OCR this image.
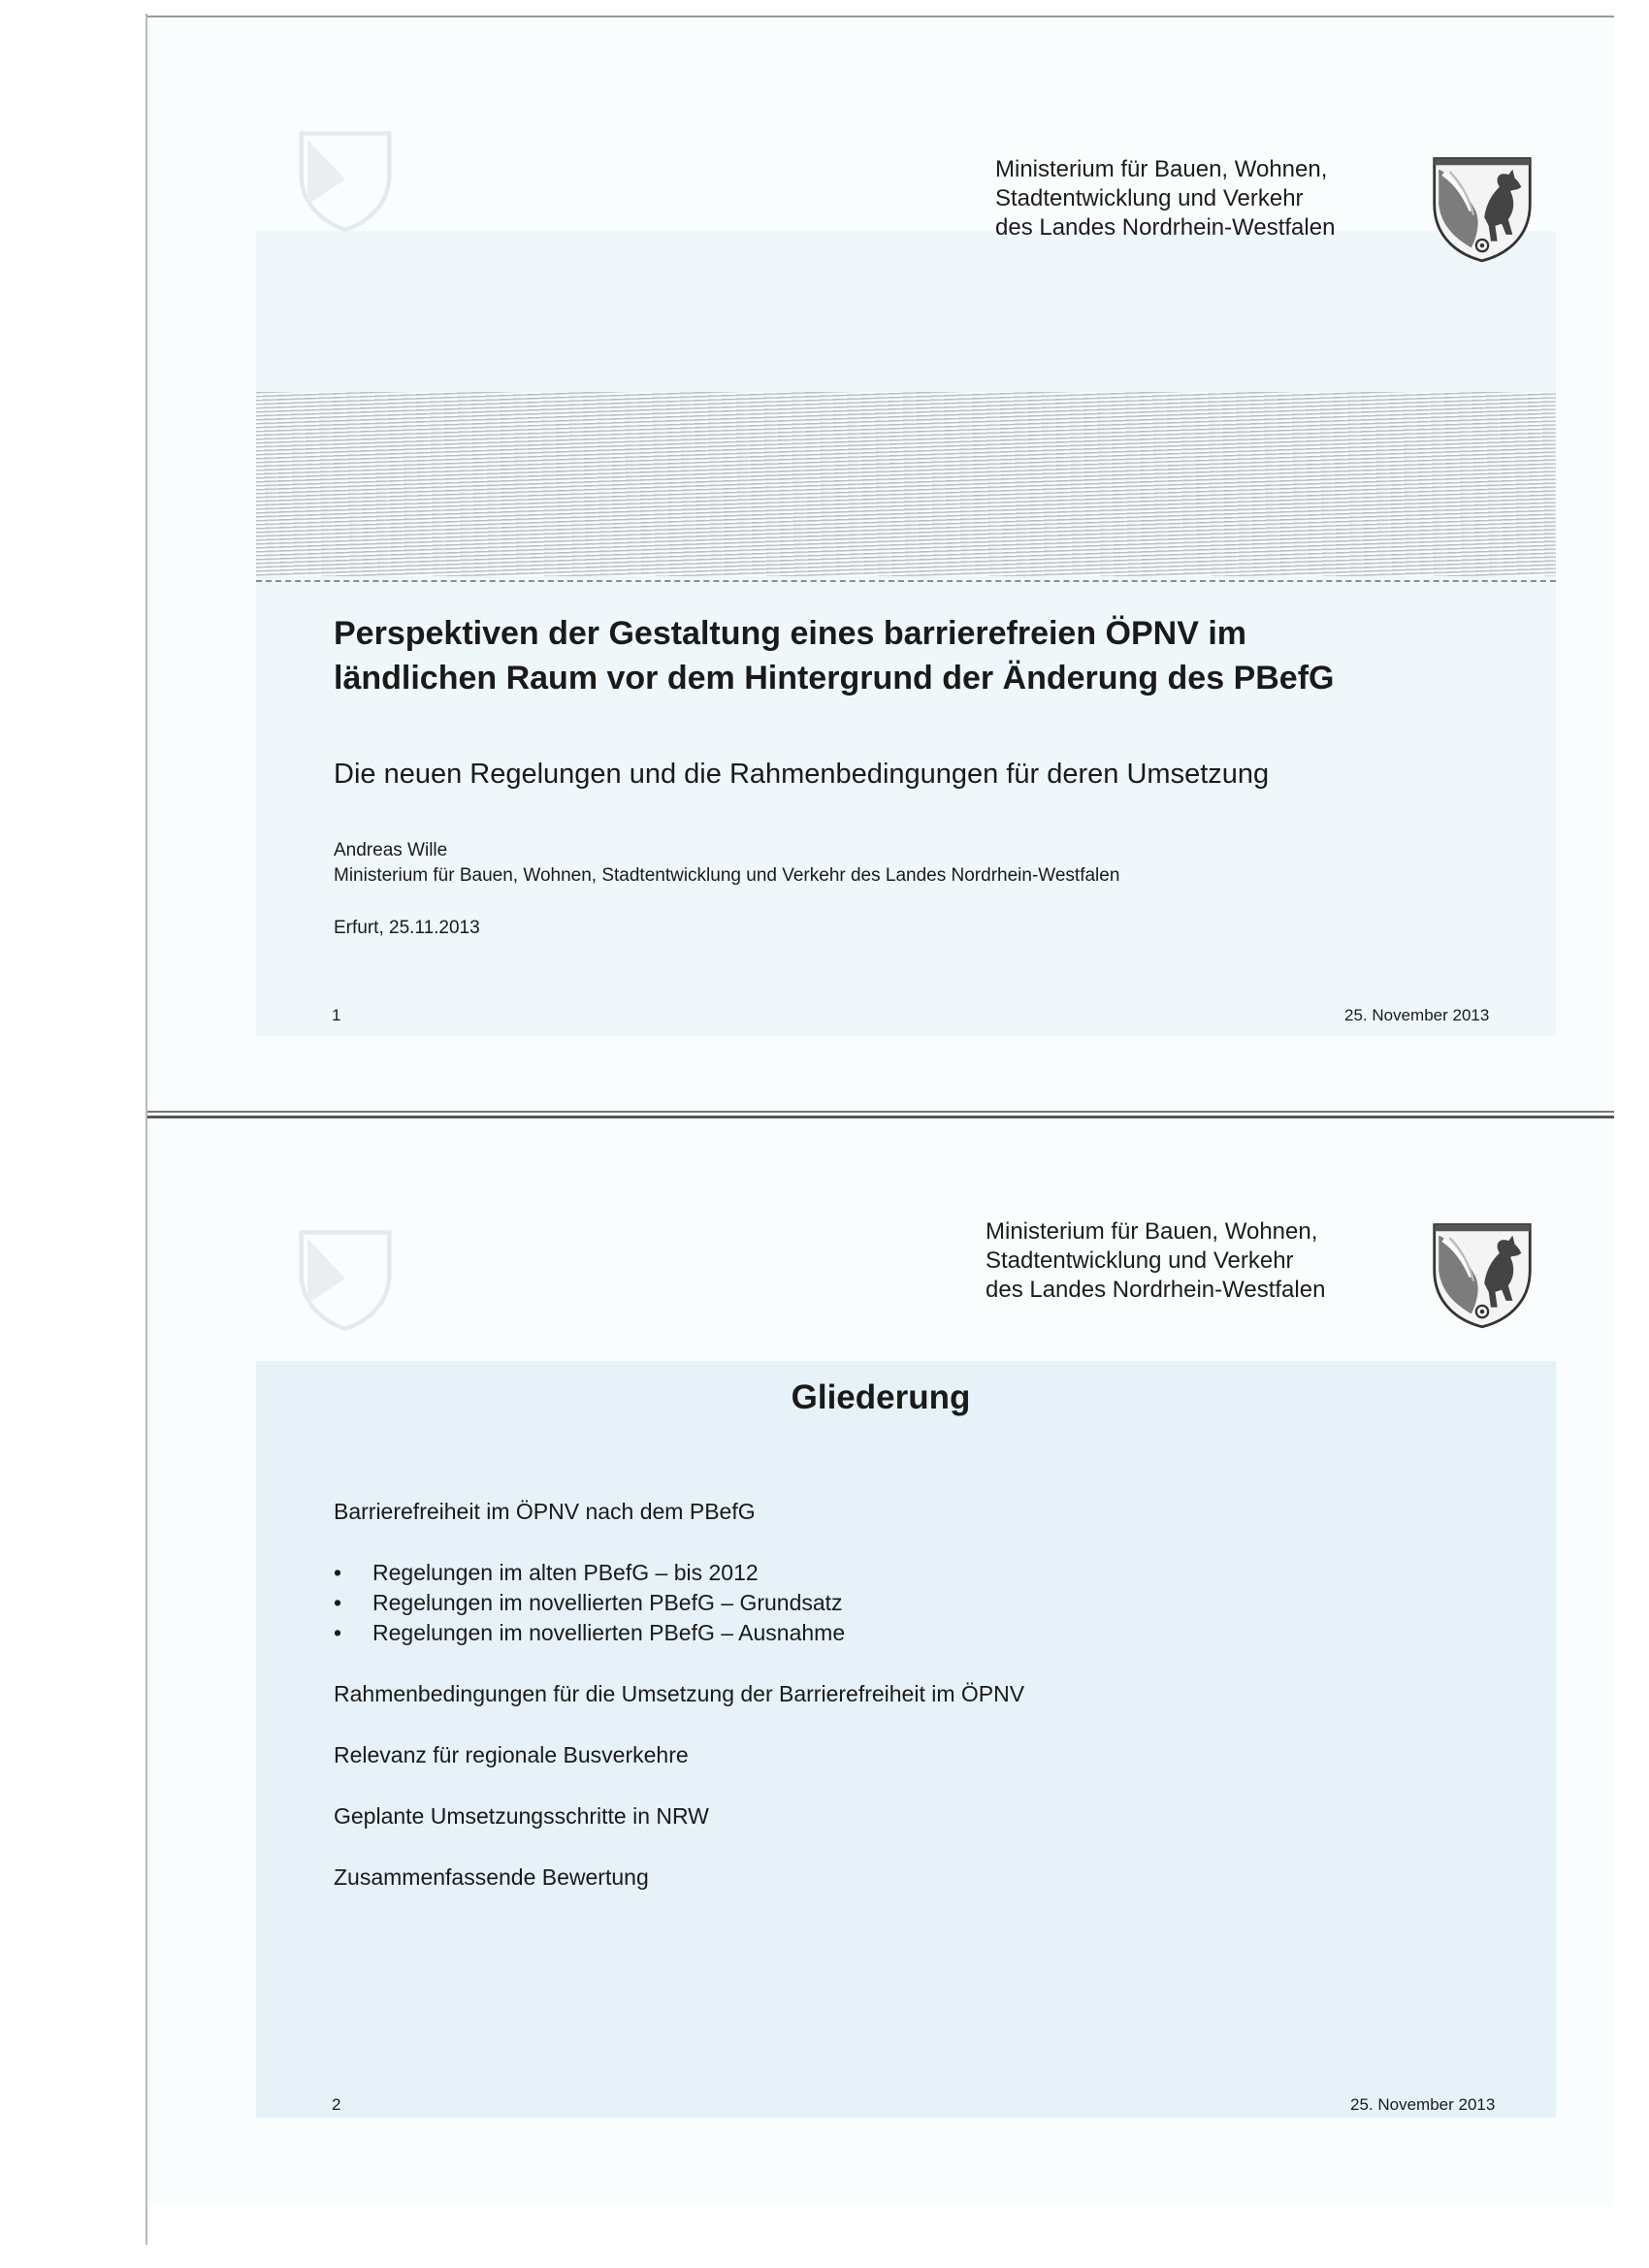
Ministerium für Bauen, Wohnen,
Stadtentwicklung und Verkehr
des Landes Nordrhein-Westfalen
Perspektiven der Gestaltung eines barrierefreien ÖPNV im
ländlichen Raum vor dem Hintergrund der Änderung des PBefG
Die neuen Regelungen und die Rahmenbedingungen für deren Umsetzung
Andreas Wille
Ministerium für Bauen, Wohnen, Stadtentwicklung und Verkehr des Landes Nordrhein-Westfalen
Erfurt, 25.11.2013
1	25. November 2013
Ministerium für Bauen, Wohnen,
Stadtentwicklung und Verkehr
des Landes Nordrhein-Westfalen
Gliederung
Barrierefreiheit im ÖPNV nach dem PBefG
•	Regelungen im alten PBefG – bis 2012
•	Regelungen im novellierten PBefG – Grundsatz
•	Regelungen im novellierten PBefG – Ausnahme
Rahmenbedingungen für die Umsetzung der Barrierefreiheit im ÖPNV
Relevanz für regionale Busverkehre
Geplante Umsetzungsschritte in NRW
Zusammenfassende Bewertung
2	25. November 2013
